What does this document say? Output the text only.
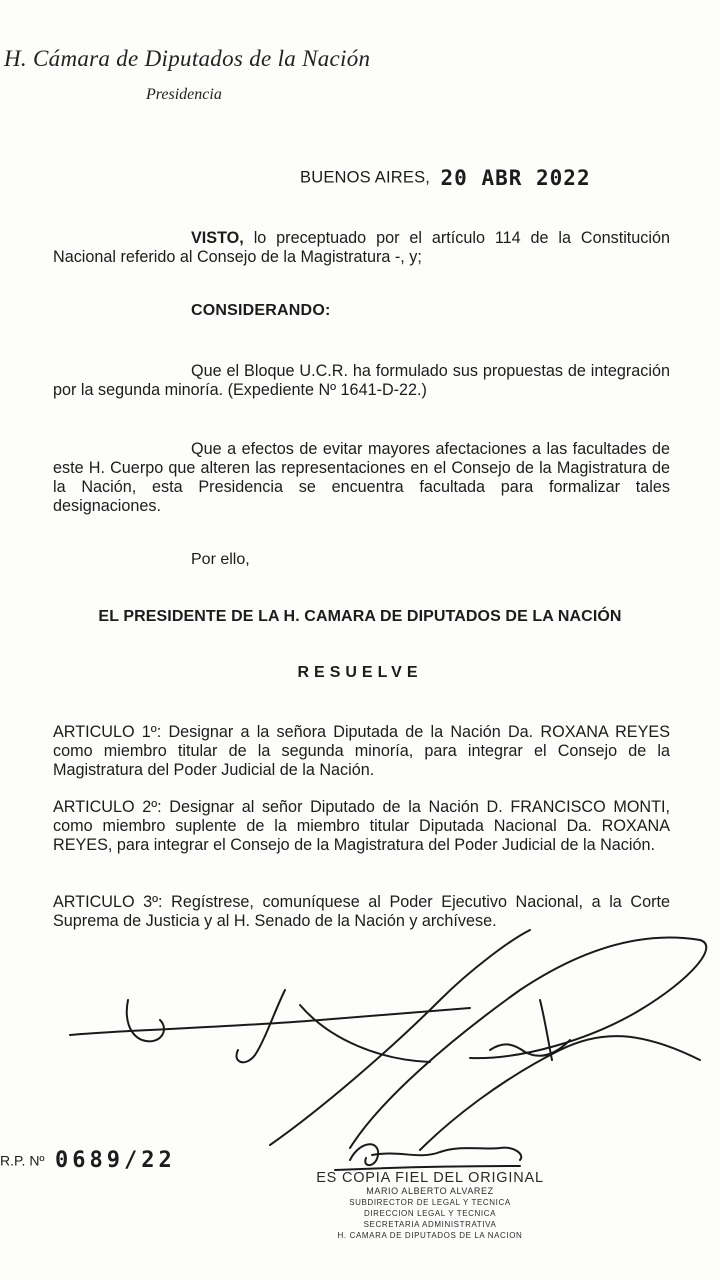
H. Cámara de Diputados de la Nación
Presidencia
BUENOS AIRES, 20 ABR 2022
VISTO, lo preceptuado por el artículo 114 de la Constitución Nacional referido al Consejo de la Magistratura -, y;
CONSIDERANDO:
Que el Bloque U.C.R. ha formulado sus propuestas de integración por la segunda minoría. (Expediente Nº 1641-D-22.)
Que a efectos de evitar mayores afectaciones a las facultades de este H. Cuerpo que alteren las representaciones en el Consejo de la Magistratura de la Nación, esta Presidencia se encuentra facultada para formalizar tales designaciones.
Por ello,
EL PRESIDENTE DE LA H. CAMARA DE DIPUTADOS DE LA NACIÓN
RESUELVE
ARTICULO 1º: Designar a la señora Diputada de la Nación Da. ROXANA REYES como miembro titular de la segunda minoría, para integrar el Consejo de la Magistratura del Poder Judicial de la Nación.
ARTICULO 2º: Designar al señor Diputado de la Nación D. FRANCISCO MONTI, como miembro suplente de la miembro titular Diputada Nacional Da. ROXANA REYES, para integrar el Consejo de la Magistratura del Poder Judicial de la Nación.
ARTICULO 3º: Regístrese, comuníquese al Poder Ejecutivo Nacional, a la Corte Suprema de Justicia y al H. Senado de la Nación y archívese.
R.P. Nº 0689/22
ES COPIA FIEL DEL ORIGINAL
MARIO ALBERTO ALVAREZ
SUBDIRECTOR DE LEGAL Y TECNICA
DIRECCION LEGAL Y TECNICA
SECRETARIA ADMINISTRATIVA
H. CAMARA DE DIPUTADOS DE LA NACION
